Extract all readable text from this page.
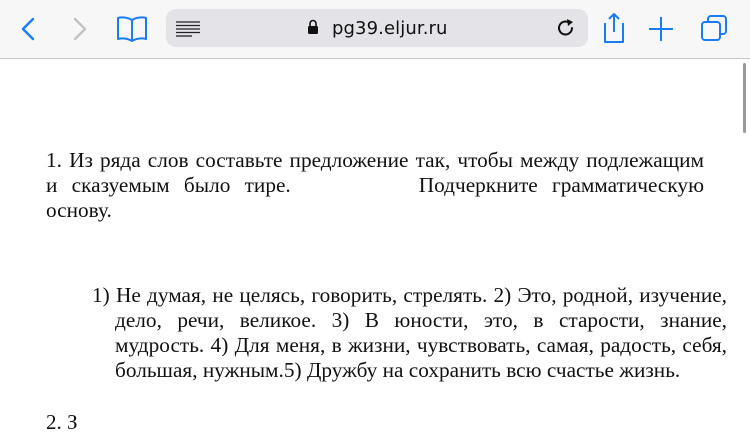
pg39.eljur.ru

1. Из ряда слов составьте предложение так, чтобы между подлежащим и сказуемым было тире.	Подчеркните грамматическую основу.

1) Не думая, не целясь, говорить, стрелять. 2) Это, родной, изучение, дело, речи, великое. 3) В юности, это, в старости, знание, мудрость. 4) Для меня, в жизни, чувствовать, самая, радость, себя, большая, нужным.5) Дружбу на сохранить всю счастье жизнь.
2. З
